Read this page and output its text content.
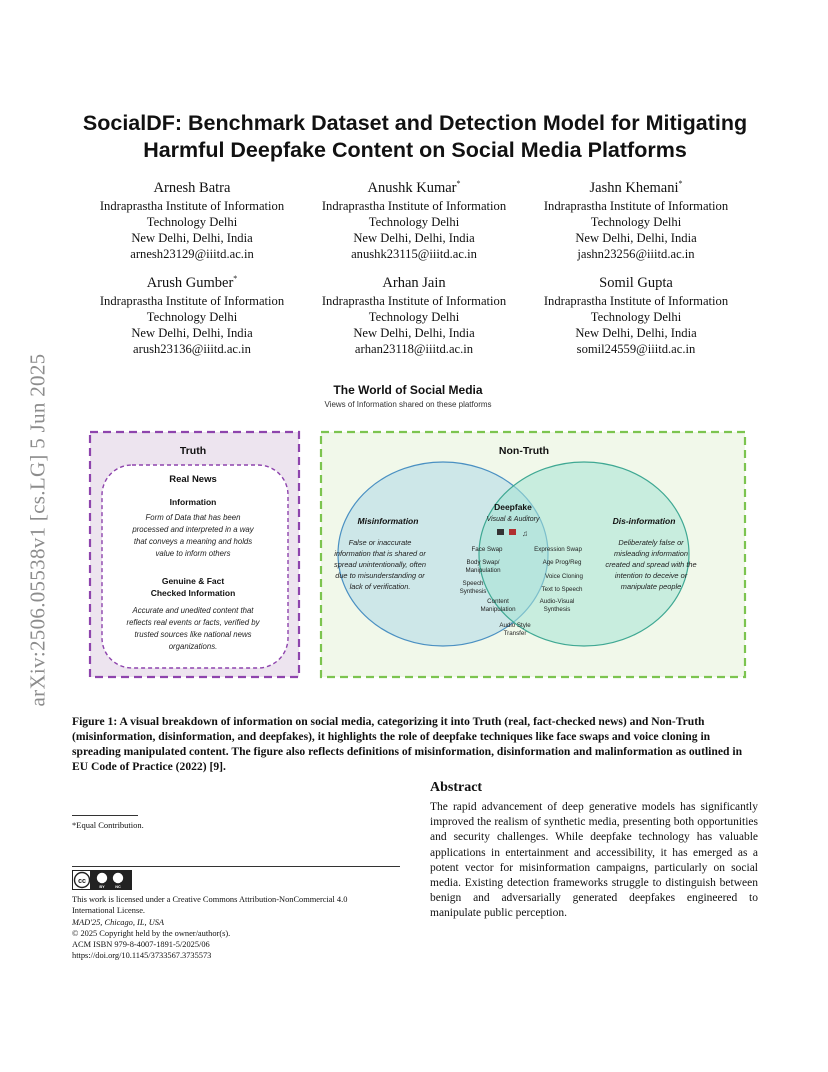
arXiv:2506.05538v1 [cs.LG] 5 Jun 2025
SocialDF: Benchmark Dataset and Detection Model for Mitigating
Harmful Deepfake Content on Social Media Platforms
Arnesh Batra
Indraprastha Institute of Information
Technology Delhi
New Delhi, Delhi, India
arnesh23129@iiitd.ac.in
Anushk Kumar*
Indraprastha Institute of Information
Technology Delhi
New Delhi, Delhi, India
anushk23115@iiitd.ac.in
Jashn Khemani*
Indraprastha Institute of Information
Technology Delhi
New Delhi, Delhi, India
jashn23256@iiitd.ac.in
Arush Gumber*
Indraprastha Institute of Information
Technology Delhi
New Delhi, Delhi, India
arush23136@iiitd.ac.in
Arhan Jain
Indraprastha Institute of Information
Technology Delhi
New Delhi, Delhi, India
arhan23118@iiitd.ac.in
Somil Gupta
Indraprastha Institute of Information
Technology Delhi
New Delhi, Delhi, India
somil24559@iiitd.ac.in
The World of Social Media
Views of Information shared on these platforms
Truth
Real News
Information
Form of Data that has been
processed and interpreted in a way
that conveys a meaning and holds
value to inform others
Genuine & Fact
Checked Information
Accurate and unedited content that
reflects real events or facts, verified by
trusted sources like national news
organizations.
Non-Truth
Misinformation
False or inaccurate
information that is shared or
spread unintentionally, often
due to misunderstanding or
lack of verification.
Dis-information
Deliberately false or
misleading information
created and spread with the
intention to deceive or
manipulate people
Deepfake
Visual & Auditory
♫
Face Swap
Body Swap/
Manipulation
Speech
Synthesis
Content
Manipulation
Expression Swap
Age Prog/Reg
Voice Cloning
Text to Speech
Audio-Visual
Synthesis
Audio Style
Transfer
Figure 1: A visual breakdown of information on social media, categorizing it into Truth (real, fact-checked news) and Non-Truth (misinformation, disinformation, and deepfakes), it highlights the role of deepfake techniques like face swaps and voice cloning in spreading manipulated content. The figure also reflects definitions of misinformation, disinformation and malinformation as outlined in EU Code of Practice (2022) [9].
*Equal Contribution.
cc
BY	NC
This work is licensed under a Creative Commons Attribution-NonCommercial 4.0
International License.
MAD'25, Chicago, IL, USA
© 2025 Copyright held by the owner/author(s).
ACM ISBN 979-8-4007-1891-5/2025/06
https://doi.org/10.1145/3733567.3735573
Abstract
The rapid advancement of deep generative models has significantly improved the realism of synthetic media, presenting both opportunities and security challenges. While deepfake technology has valuable applications in entertainment and accessibility, it has emerged as a potent vector for misinformation campaigns, particularly on social media. Existing detection frameworks struggle to distinguish between benign and adversarially generated deepfakes engineered to manipulate public perception.
